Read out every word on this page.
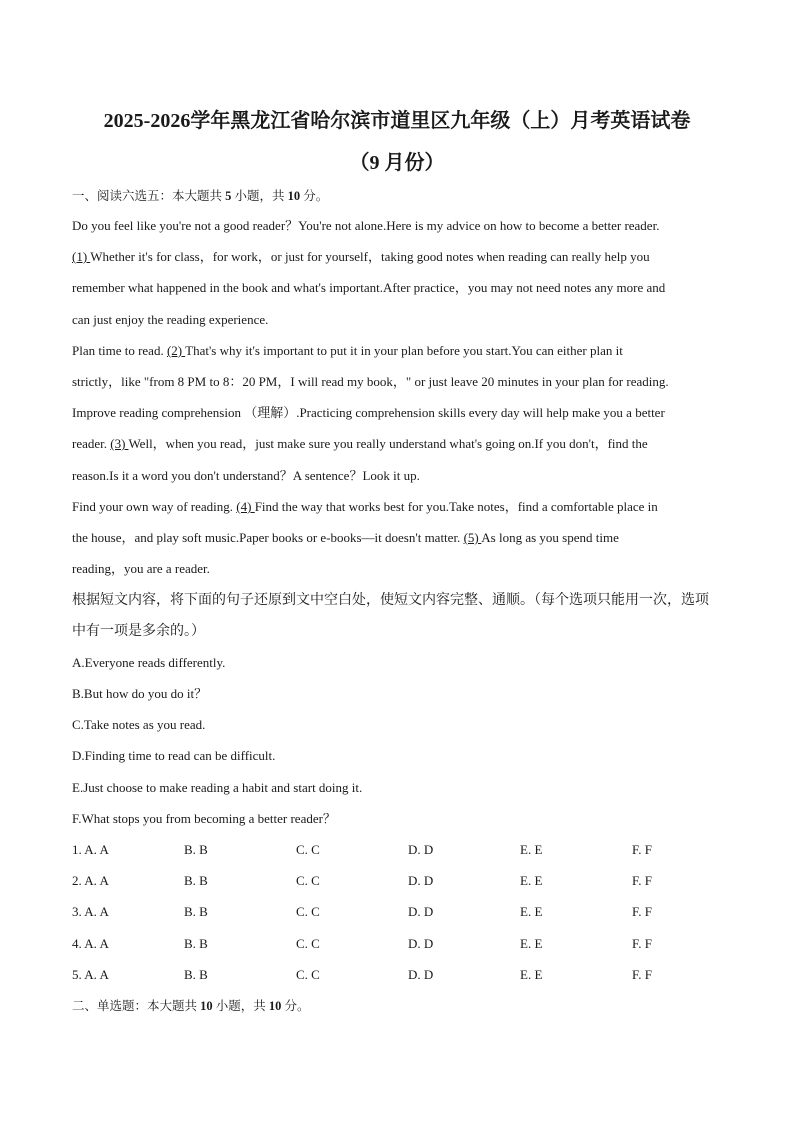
2025-2026学年黑龙江省哈尔滨市道里区九年级（上）月考英语试卷
（9 月份）
一、阅读六选五：本大题共 5 小题，共 10 分。
Do you feel like you're not a good reader？You're not alone.Here is my advice on how to become a better reader.
(1) Whether it's for class，for work，or just for yourself，taking good notes when reading can really help you
remember what happened in the book and what's important.After practice，you may not need notes any more and
can just enjoy the reading experience.
Plan time to read. (2) That's why it's important to put it in your plan before you start.You can either plan it
strictly，like "from 8 PM to 8：20 PM，I will read my book，" or just leave 20 minutes in your plan for reading.
Improve reading comprehension （理解）.Practicing comprehension skills every day will help make you a better
reader. (3) Well，when you read，just make sure you really understand what's going on.If you don't，find the
reason.Is it a word you don't understand？A sentence？Look it up.
Find your own way of reading. (4) Find the way that works best for you.Take notes，find a comfortable place in
the house，and play soft music.Paper books or e-books—it doesn't matter. (5) As long as you spend time
reading，you are a reader.
根据短文内容，将下面的句子还原到文中空白处，使短文内容完整、通顺。（每个选项只能用一次，选项
中有一项是多余的。）
A.Everyone reads differently.
B.But how do you do it？
C.Take notes as you read.
D.Finding time to read can be difficult.
E.Just choose to make reading a habit and start doing it.
F.What stops you from becoming a better reader？
1. A. A	B. B	C. C	D. D	E. E	F. F
2. A. A	B. B	C. C	D. D	E. E	F. F
3. A. A	B. B	C. C	D. D	E. E	F. F
4. A. A	B. B	C. C	D. D	E. E	F. F
5. A. A	B. B	C. C	D. D	E. E	F. F
二、单选题：本大题共 10 小题，共 10 分。
